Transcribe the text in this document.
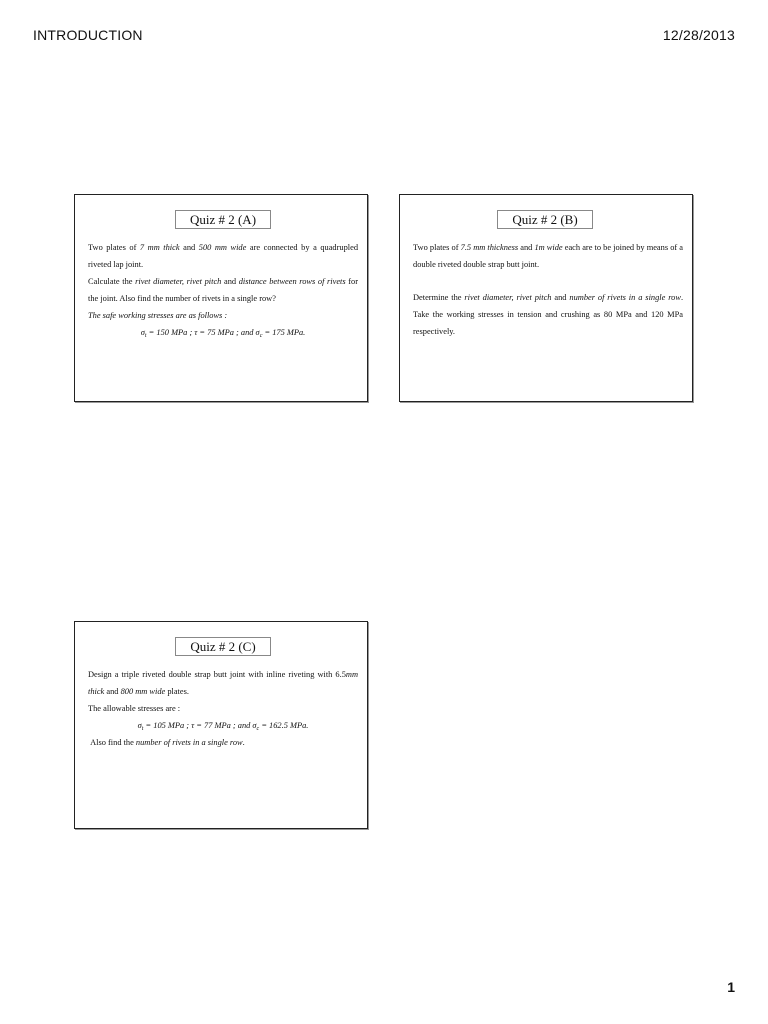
INTRODUCTION	12/28/2013
Quiz # 2 (A)

Two plates of 7 mm thick and 500 mm wide are connected by a quadrupled riveted lap joint.

Calculate the rivet diameter, rivet pitch and distance between rows of rivets for the joint. Also find the number of rivets in a single row?

The safe working stresses are as follows :

$\sigma_t = 150$ MPa ; τ = 75 MPa ; and $\sigma_c = 175$ MPa.

Quiz # 2 (B)

Two plates of 7.5 mm thickness and 1m wide each are to be joined by means of a double riveted double strap butt joint.

Determine the rivet diameter, rivet pitch and number of rivets in a single row. Take the working stresses in tension and crushing as 80 MPa and 120 MPa respectively.

Quiz # 2 (C)

Design a triple riveted double strap butt joint with inline riveting with 6.5mm thick and 800 mm wide plates.

The allowable stresses are :

$\sigma_t = 105$ MPa ; τ = 77 MPa ; and $\sigma_c = 162.5$ MPa.

Also find the number of rivets in a single row.

1
